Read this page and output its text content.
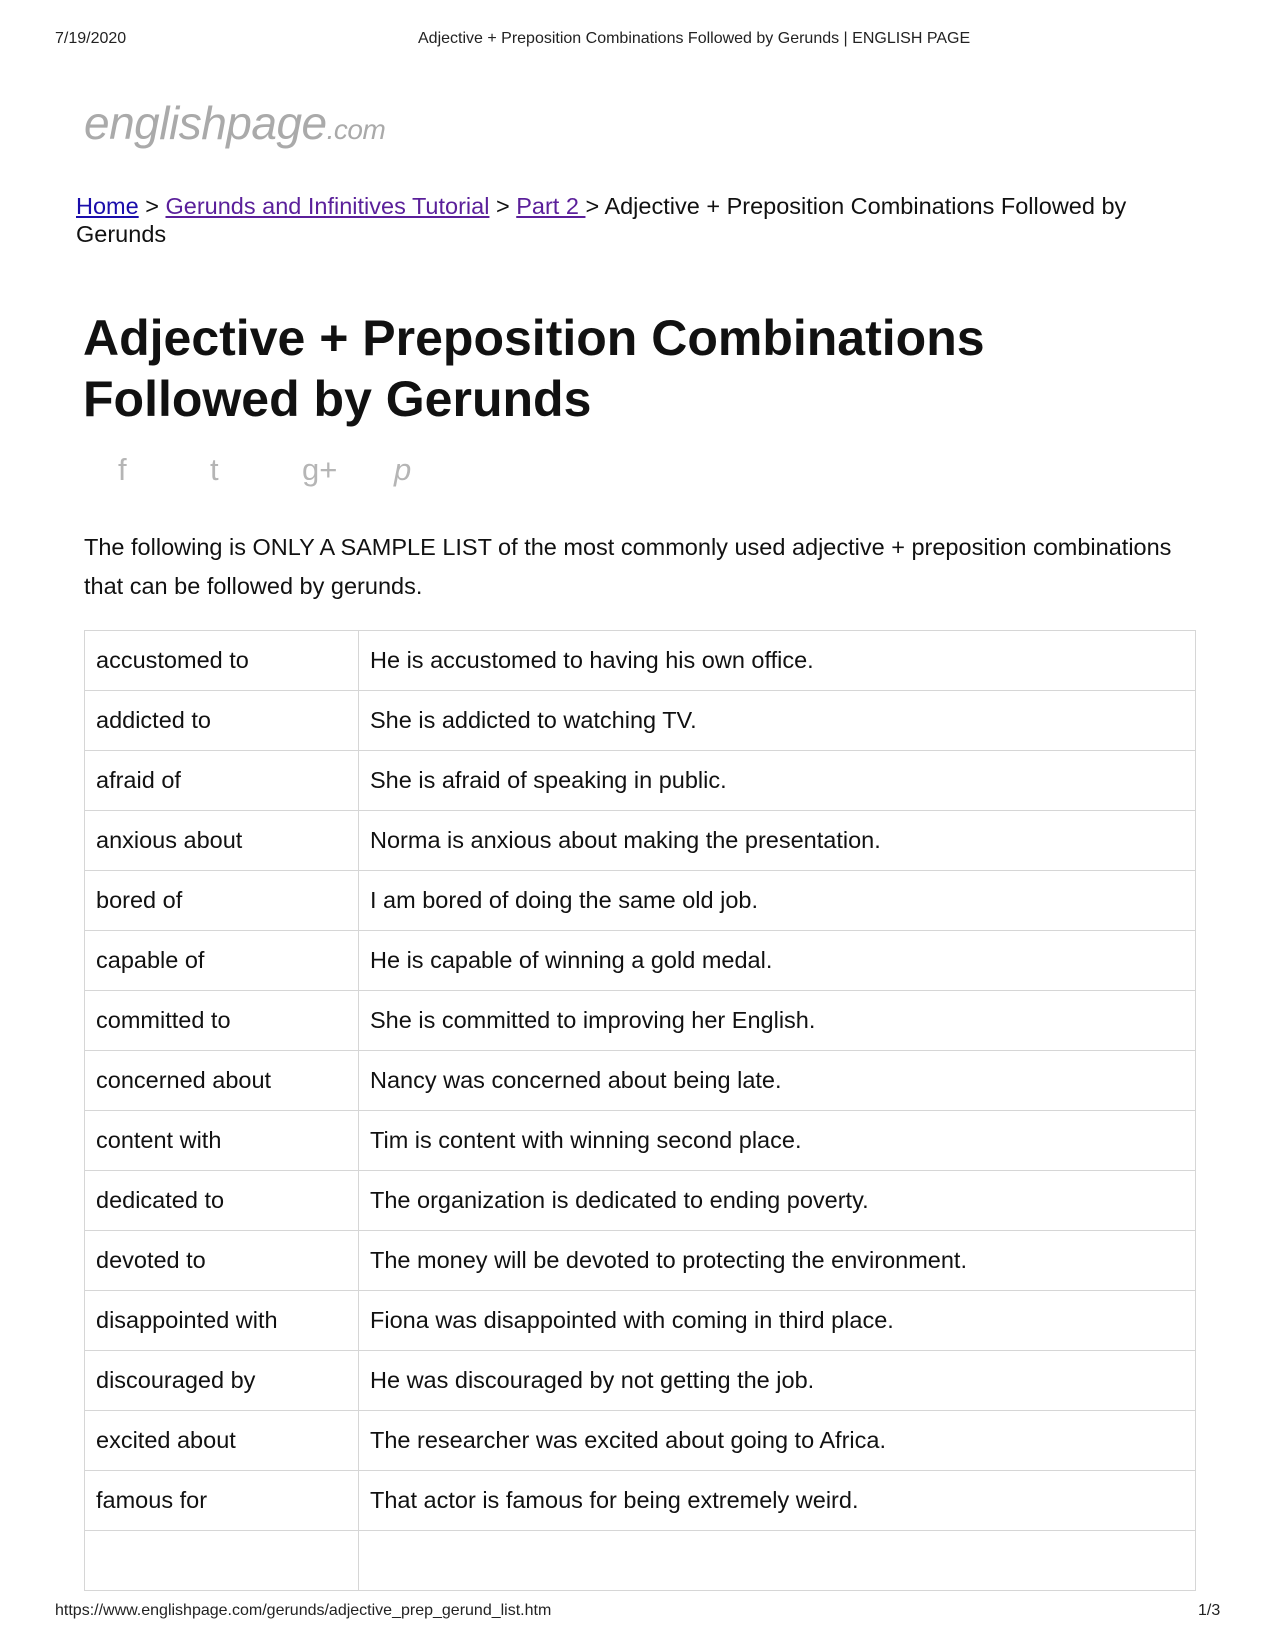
7/19/2020	Adjective + Preposition Combinations Followed by Gerunds | ENGLISH PAGE
englishpage.com
Home > Gerunds and Infinitives Tutorial > Part 2 > Adjective + Preposition Combinations Followed by Gerunds
Adjective + Preposition Combinations Followed by Gerunds
f	t	g+	p

The following is ONLY A SAMPLE LIST of the most commonly used adjective + preposition combinations that can be followed by gerunds.

accustomed to	He is accustomed to having his own office.
addicted to	She is addicted to watching TV.
afraid of	She is afraid of speaking in public.
anxious about	Norma is anxious about making the presentation.
bored of	I am bored of doing the same old job.
capable of	He is capable of winning a gold medal.
committed to	She is committed to improving her English.
concerned about	Nancy was concerned about being late.
content with	Tim is content with winning second place.
dedicated to	The organization is dedicated to ending poverty.
devoted to	The money will be devoted to protecting the environment.
disappointed with	Fiona was disappointed with coming in third place.
discouraged by	He was discouraged by not getting the job.
excited about	The researcher was excited about going to Africa.
famous for	That actor is famous for being extremely weird.

https://www.englishpage.com/gerunds/adjective_prep_gerund_list.htm	1/3
